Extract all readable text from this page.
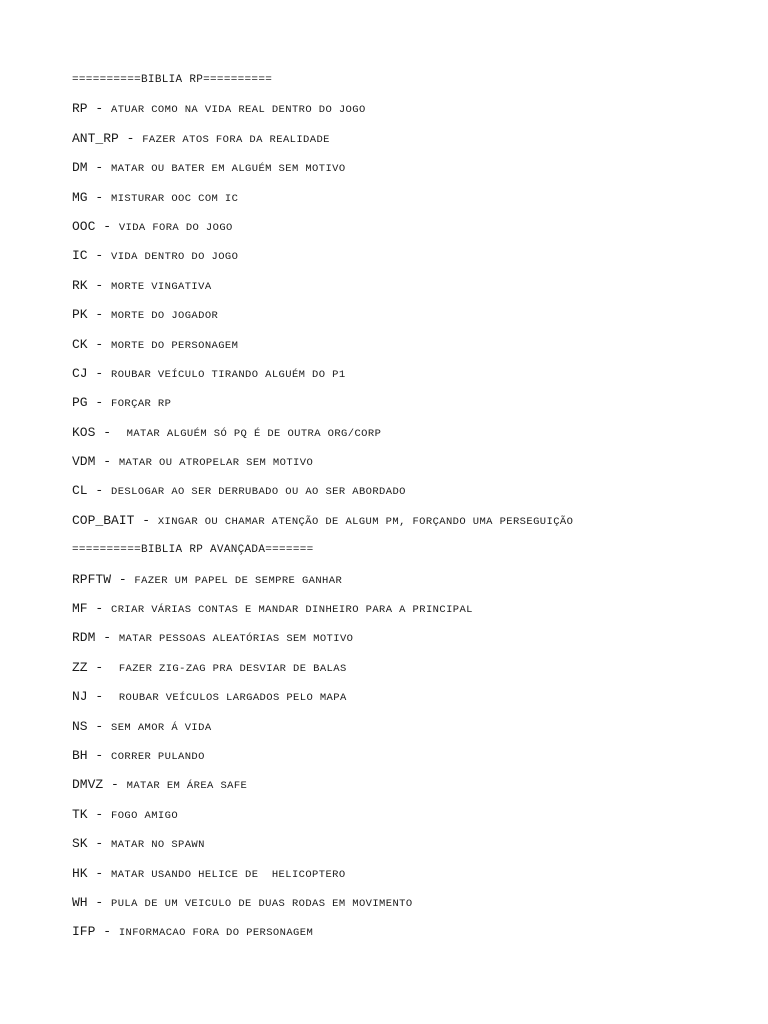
==========BIBLIA RP==========
RP - ATUAR COMO NA VIDA REAL DENTRO DO JOGO
ANT_RP - FAZER ATOS FORA DA REALIDADE
DM - MATAR OU BATER EM ALGUÉM SEM MOTIVO
MG - MISTURAR OOC COM IC
OOC - VIDA FORA DO JOGO
IC - VIDA DENTRO DO JOGO
RK - MORTE VINGATIVA
PK - MORTE DO JOGADOR
CK - MORTE DO PERSONAGEM
CJ - ROUBAR VEÍCULO TIRANDO ALGUÉM DO P1
PG - FORÇAR RP
KOS -  MATAR ALGUÉM SÓ PQ É DE OUTRA ORG/CORP
VDM - MATAR OU ATROPELAR SEM MOTIVO
CL - DESLOGAR AO SER DERRUBADO OU AO SER ABORDADO
COP_BAIT - XINGAR OU CHAMAR ATENÇÃO DE ALGUM PM, FORÇANDO UMA PERSEGUIÇÃO
==========BIBLIA RP AVANÇADA=======
RPFTW - FAZER UM PAPEL DE SEMPRE GANHAR
MF - CRIAR VÁRIAS CONTAS E MANDAR DINHEIRO PARA A PRINCIPAL
RDM - MATAR PESSOAS ALEATÓRIAS SEM MOTIVO
ZZ -  FAZER ZIG-ZAG PRA DESVIAR DE BALAS
NJ -  ROUBAR VEÍCULOS LARGADOS PELO MAPA
NS - SEM AMOR Á VIDA
BH - CORRER PULANDO
DMVZ - MATAR EM ÁREA SAFE
TK - FOGO AMIGO
SK - MATAR NO SPAWN
HK - MATAR USANDO HELICE DE  HELICOPTERO
WH - PULA DE UM VEICULO DE DUAS RODAS EM MOVIMENTO
IFP - INFORMACAO FORA DO PERSONAGEM
